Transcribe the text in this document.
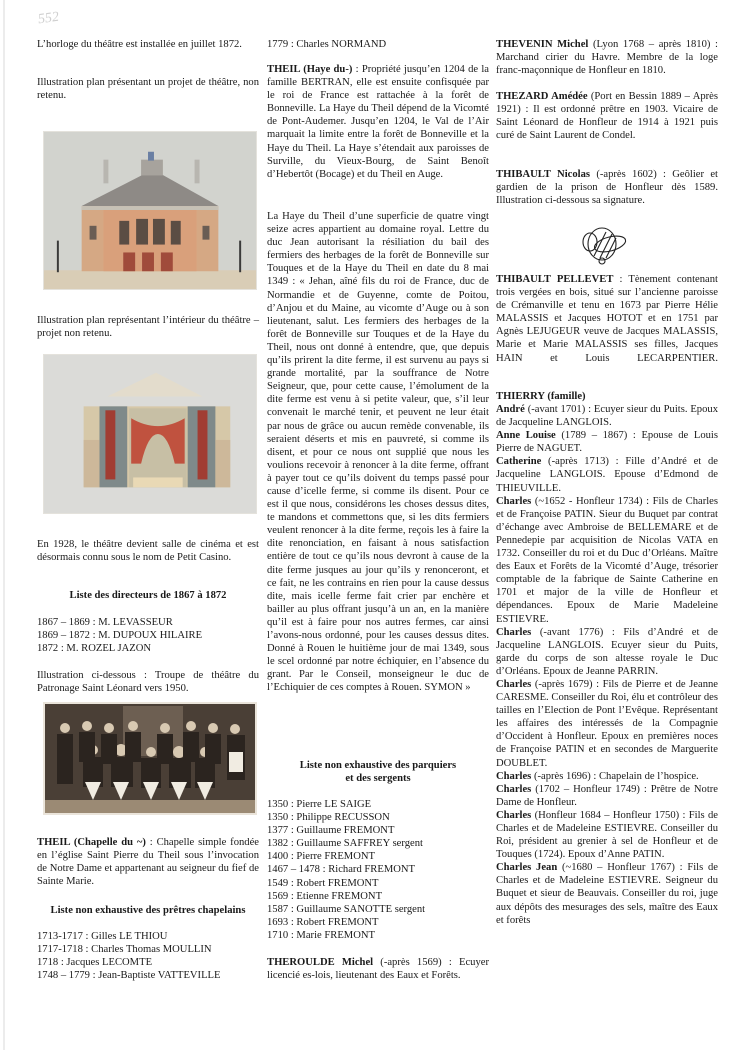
552

L’horloge du théâtre est installée en juillet 1872.

Illustration plan présentant un projet de théâtre, non retenu.

Illustration plan représentant l’intérieur du théâtre – projet non retenu.

En 1928, le théâtre devient salle de cinéma et est désormais connu sous le nom de Petit Casino.

Liste des directeurs de 1867 à 1872
1867 – 1869 : M. LEVASSEUR
1869 – 1872 : M. DUPOUX HILAIRE
1872 : M. ROZEL JAZON

Illustration ci-dessous : Troupe de théâtre du Patronage Saint Léonard vers 1950.

THEIL (Chapelle du ~) : Chapelle simple fondée en l’église Saint Pierre du Theil sous l’invocation de Notre Dame et appartenant au seigneur du fief de Sainte Marie.

Liste non exhaustive des prêtres chapelains
1713-1717 : Gilles LE THIOU
1717-1718 : Charles Thomas MOULLIN
1718 : Jacques LECOMTE
1748 – 1779 : Jean-Baptiste VATTEVILLE
1779 : Charles NORMAND

THEIL (Haye du-) : Propriété jusqu’en 1204 de la famille BERTRAN, elle est ensuite confisquée par le roi de France est rattachée à la forêt de Bonneville. La Haye du Theil dépend de la Vicomté de Pont-Audemer. Jusqu’en 1204, le Val de l’Air marquait la limite entre la forêt de Bonneville et la Haye du Theil. La Haye s’étendait aux paroisses de Surville, du Vieux-Bourg, de Saint Benoît d’Hebertôt (Bocage) et du Theil en Auge.

La Haye du Theil d’une superficie de quatre vingt seize acres appartient au domaine royal. Lettre du duc Jean autorisant la résiliation du bail des fermiers des herbages de la forêt de Bonneville sur Touques et de la Haye du Theil en date du 8 mai 1349 : « Jehan, aîné fils du roi de France, duc de Normandie et de Guyenne, comte de Poitou, d’Anjou et du Maine, au vicomte d’Auge ou à son lieutenant, salut. Les fermiers des herbages de la forêt de Bonneville sur Touques et de la Haye du Theil, nous ont donné à entendre, que, que depuis qu’ils prirent la dite ferme, il est survenu au pays si grande mortalité, par la souffrance de Notre Seigneur, que, pour cette cause, l’émolument de la dite ferme est venu à si petite valeur, que, s’il leur convenait le marché tenir, et peuvent ne leur était par nous de grâce ou aucun remède convenable, ils seraient déserts et mis en pauvreté, si comme ils disent, et pour ce nous ont supplié que nous les voulions recevoir à renoncer à la dite ferme, offrant à payer tout ce qu’ils doivent du temps passé pour cause d’icelle ferme, si comme ils disent. Pour ce est il que nous, considérons les choses dessus dites, te mandons et commettons que, si les dits fermiers veulent renoncer à la dite ferme, reçois les à faire la dite renonciation, en faisant à nous satisfaction entière de tout ce qu’ils nous devront à cause de la dite ferme jusques au jour qu’ils y renonceront, et ce fait, ne les contrains en rien pour la cause dessus dite, mais icelle ferme fait crier par enchère et bailler au plus offrant jusqu’à un an, en la manière qu’il est à faire pour nos autres fermes, car ainsi l’avons-nous ordonné, pour les causes dessus dites. Donné à Rouen le huitième jour de mai 1349, sous le scel ordonné par notre échiquier, en l’absence du grant. Par le Conseil, monseigneur le duc de l’Echiquier de ces comptes à Rouen. SYMON »

Liste non exhaustive des parquiers
et des sergents
1350 : Pierre LE SAIGE
1350 : Philippe RECUSSON
1377 : Guillaume FREMONT
1382 : Guillaume SAFFREY sergent
1400 : Pierre FREMONT
1467 – 1478 : Richard FREMONT
1549 : Robert FREMONT
1569 : Etienne FREMONT
1587 : Guillaume SANOTTE sergent
1693 : Robert FREMONT
1710 : Marie FREMONT

THEROULDE Michel (-après 1569) : Ecuyer licencié es-lois, lieutenant des Eaux et Forêts.

THEVENIN Michel (Lyon 1768 – après 1810) : Marchand cirier du Havre. Membre de la loge franc-maçonnique de Honfleur en 1810.

THEZARD Amédée (Port en Bessin 1889 – Après 1921) : Il est ordonné prêtre en 1903. Vicaire de Saint Léonard de Honfleur de 1914 à 1921 puis curé de Saint Laurent de Condel.

THIBAULT Nicolas (-après 1602) : Geôlier et gardien de la prison de Honfleur dès 1589. Illustration ci-dessous sa signature.

THIBAULT PELLEVET : Tènement contenant trois vergées en bois, situé sur l’ancienne paroisse de Crémanville et tenu en 1673 par Pierre Hélie MALASSIS et Jacques HOTOT et en 1751 par Agnès LEJUGEUR veuve de Jacques MALASSIS, Marie et Marie MALASSIS ses filles, Jacques HAIN et Louis LECARPENTIER.

THIERRY (famille)

André (-avant 1701) : Ecuyer sieur du Puits. Epoux de Jacqueline LANGLOIS.

Anne Louise (1789 – 1867) : Epouse de Louis Pierre de NAGUET.

Catherine (-après 1713) : Fille d’André et de Jacqueline LANGLOIS. Epouse d’Edmond de THIEUVILLE.

Charles (~1652 - Honfleur 1734) : Fils de Charles et de Françoise PATIN. Sieur du Buquet par contrat d’échange avec Ambroise de BELLEMARE et de Pennedepie par acquisition de Nicolas VATA en 1732. Conseiller du roi et du Duc d’Orléans. Maître des Eaux et Forêts de la Vicomté d’Auge, trésorier comptable de la fabrique de Sainte Catherine en 1701 et major de la ville de Honfleur et dépendances. Epoux de Marie Madeleine ESTIEVRE.

Charles (-avant 1776) : Fils d’André et de Jacqueline LANGLOIS. Ecuyer sieur du Puits, garde du corps de son altesse royale le Duc d’Orléans. Epoux de Jeanne PARRIN.

Charles (-après 1679) : Fils de Pierre et de Jeanne CARESME. Conseiller du Roi, élu et contrôleur des tailles en l’Election de Pont l’Evêque. Représentant les affaires des intéressés de la Compagnie d’Occident à Honfleur. Epoux en premières noces de Françoise PATIN et en secondes de Marguerite DOUBLET.

Charles (-après 1696) : Chapelain de l’hospice.

Charles (1702 – Honfleur 1749) : Prêtre de Notre Dame de Honfleur.

Charles (Honfleur 1684 – Honfleur 1750) : Fils de Charles et de Madeleine ESTIEVRE. Conseiller du Roi, président au grenier à sel de Honfleur et de Touques (1724). Epoux d’Anne PATIN.

Charles Jean (~1680 – Honfleur 1767) : Fils de Charles et de Madeleine ESTIEVRE. Seigneur du Buquet et sieur de Beauvais. Conseiller du roi, juge aux dépôts des mesurages des sels, maître des Eaux et forêts
